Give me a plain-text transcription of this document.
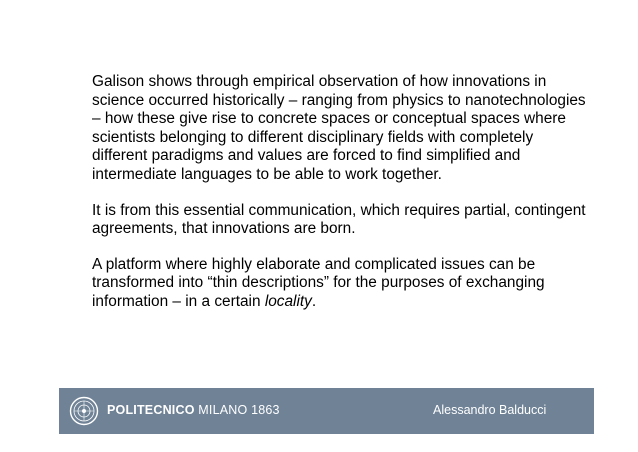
Galison shows through empirical observation of how innovations in science occurred historically – ranging from physics to nanotechnologies – how these give rise to concrete spaces or conceptual spaces where scientists belonging to different disciplinary fields with completely different paradigms and values are forced to find simplified and intermediate languages to be able to work together.

It is from this essential communication, which requires partial, contingent agreements, that innovations are born.

A platform where highly elaborate and complicated issues can be transformed into “thin descriptions” for the purposes of exchanging information – in a certain locality.

POLITECNICO MILANO 1863	Alessandro Balducci
